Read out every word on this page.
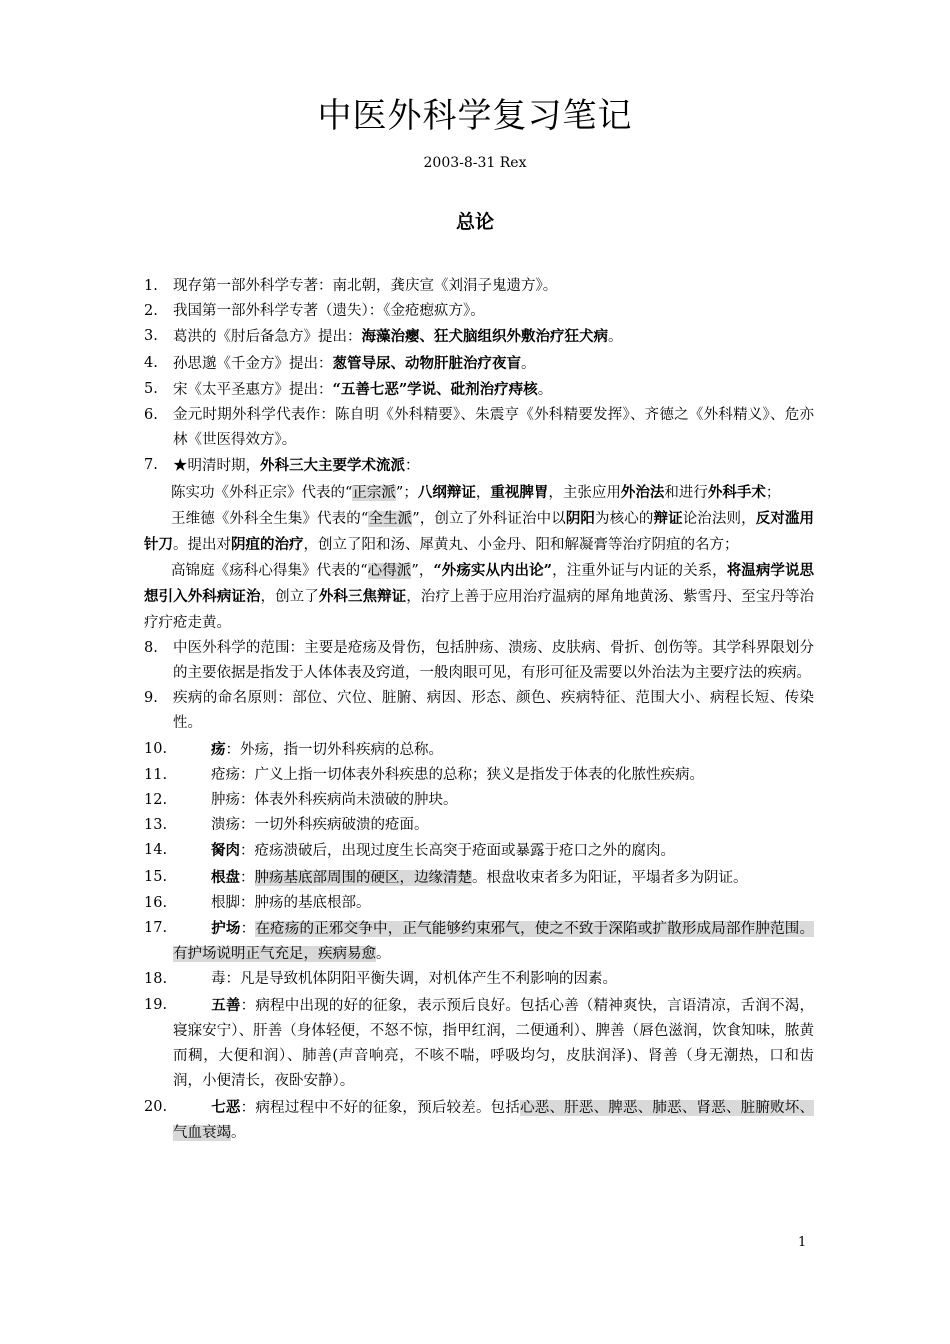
中医外科学复习笔记
2003-8-31 Rex
总论
1. 现存第一部外科学专著：南北朝，龚庆宣《刘涓子鬼遗方》。
2. 我国第一部外科学专著（遗失）：《金疮瘛疭方》。
3. 葛洪的《肘后备急方》提出：海藻治瘿、狂犬脑组织外敷治疗狂犬病。
4. 孙思邈《千金方》提出：葱管导尿、动物肝脏治疗夜盲。
5. 宋《太平圣惠方》提出：“五善七恶”学说、砒剂治疗痔核。
6. 金元时期外科学代表作：陈自明《外科精要》、朱震亨《外科精要发挥》、齐德之《外科精义》、危亦林《世医得效方》。
7. ★明清时期，外科三大主要学术流派：
陈实功《外科正宗》代表的“正宗派”；八纲辩证，重视脾胃，主张应用外治法和进行外科手术；
王维德《外科全生集》代表的“全生派”，创立了外科证治中以阴阳为核心的辩证论治法则，反对滥用针刀。提出对阴疽的治疗，创立了阳和汤、犀黄丸、小金丹、阳和解凝膏等治疗阴疽的名方；
高锦庭《疡科心得集》代表的“心得派”，“外疡实从内出论”，注重外证与内证的关系，将温病学说思想引入外科病证治，创立了外科三焦辩证，治疗上善于应用治疗温病的犀角地黄汤、紫雪丹、至宝丹等治疗疔疮走黄。
8. 中医外科学的范围：主要是疮疡及骨伤，包括肿疡、溃疡、皮肤病、骨折、创伤等。其学科界限划分的主要依据是指发于人体体表及窍道，一般肉眼可见，有形可征及需要以外治法为主要疗法的疾病。
9. 疾病的命名原则：部位、穴位、脏腑、病因、形态、颜色、疾病特征、范围大小、病程长短、传染性。
10.	疡：外疡，指一切外科疾病的总称。
11.	疮疡：广义上指一切体表外科疾患的总称；狭义是指发于体表的化脓性疾病。
12.	肿疡：体表外科疾病尚未溃破的肿块。
13.	溃疡：一切外科疾病破溃的疮面。
14.	胬肉：疮疡溃破后，出现过度生长高突于疮面或暴露于疮口之外的腐肉。
15.	根盘：肿疡基底部周围的硬区，边缘清楚。根盘收束者多为阳证，平塌者多为阴证。
16.	根脚：肿疡的基底根部。
17.	护场：在疮疡的正邪交争中，正气能够约束邪气，使之不致于深陷或扩散形成局部作肿范围。有护场说明正气充足，疾病易愈。
18.	毒：凡是导致机体阴阳平衡失调，对机体产生不利影响的因素。
19.	五善：病程中出现的好的征象，表示预后良好。包括心善（精神爽快，言语清凉，舌润不渴，寝寐安宁）、肝善（身体轻便，不怒不惊，指甲红润，二便通利）、脾善（唇色滋润，饮食知味，脓黄而稠，大便和润）、肺善(声音响亮，不咳不喘，呼吸均匀，皮肤润泽)、肾善（身无潮热，口和齿润，小便清长，夜卧安静）。
20.	七恶：病程过程中不好的征象，预后较差。包括心恶、肝恶、脾恶、肺恶、肾恶、脏腑败坏、气血衰竭。
1
